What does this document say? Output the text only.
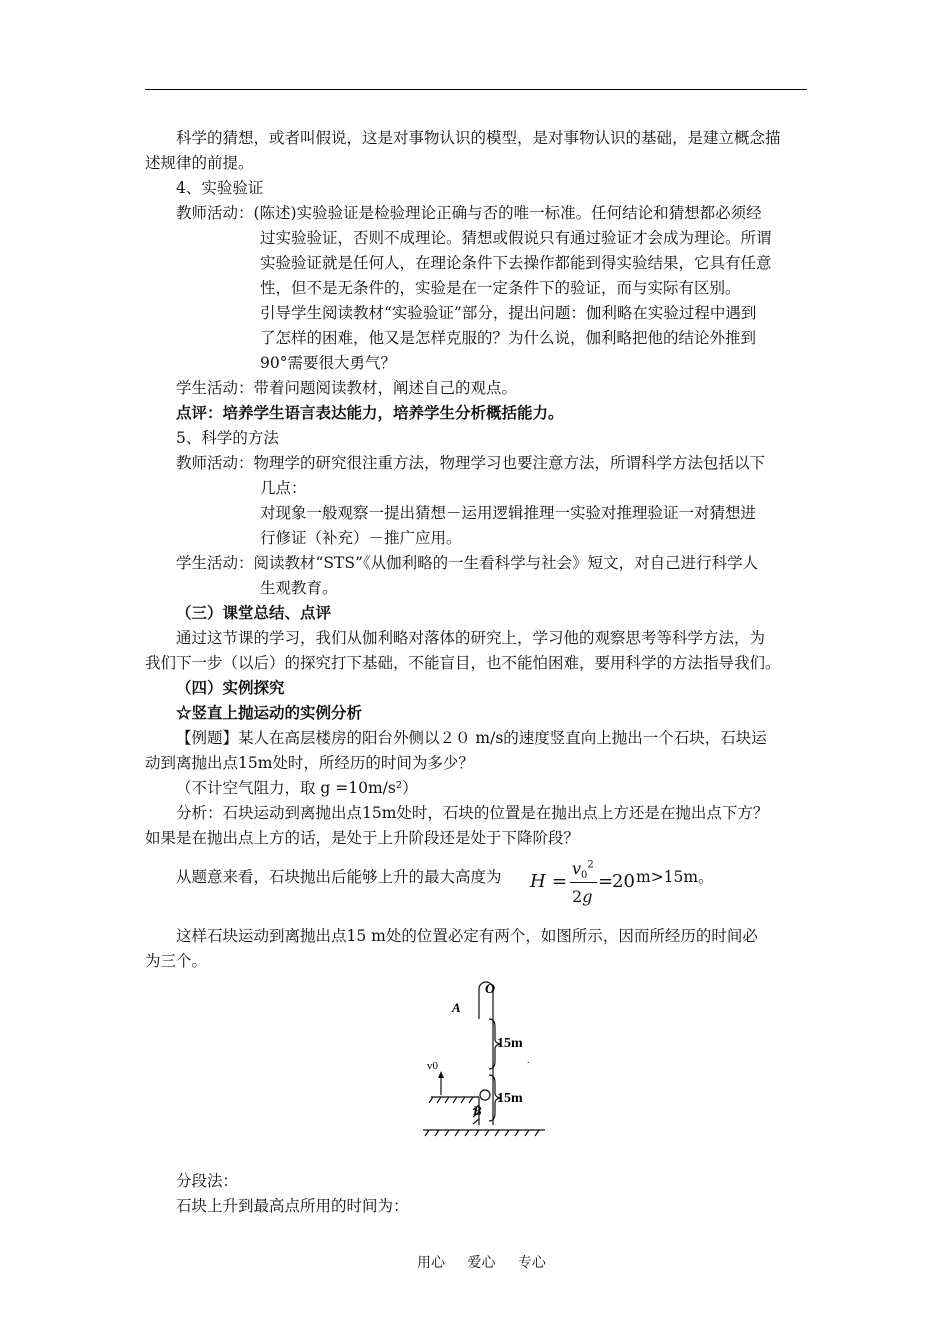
科学的猜想，或者叫假说，这是对事物认识的模型，是对事物认识的基础，是建立概念描
述规律的前提。
4、实验验证
教师活动：(陈述)实验验证是检验理论正确与否的唯一标准。任何结论和猜想都必须经
过实验验证，否则不成理论。猜想或假说只有通过验证才会成为理论。所谓
实验验证就是任何人，在理论条件下去操作都能到得实验结果，它具有任意
性，但不是无条件的，实验是在一定条件下的验证，而与实际有区别。
引导学生阅读教材“实验验证”部分，提出问题：伽利略在实验过程中遇到
了怎样的困难，他又是怎样克服的？为什么说，伽利略把他的结论外推到
90°需要很大勇气？
学生活动：带着问题阅读教材，阐述自己的观点。
点评：培养学生语言表达能力，培养学生分析概括能力。
5、科学的方法
教师活动：物理学的研究很注重方法，物理学习也要注意方法，所谓科学方法包括以下
几点：
对现象一般观察一提出猜想－运用逻辑推理一实验对推理验证一对猜想进
行修证（补充）－推广应用。
学生活动：阅读教材“STS”《从伽利略的一生看科学与社会》短文，对自己进行科学人
生观教育。
（三）课堂总结、点评
通过这节课的学习，我们从伽利略对落体的研究上，学习他的观察思考等科学方法，为
我们下一步（以后）的探究打下基础，不能盲目，也不能怕困难，要用科学的方法指导我们。
（四）实例探究
☆竖直上抛运动的实例分析
【例题】某人在高层楼房的阳台外侧以２０ m/s的速度竖直向上抛出一个石块，石块运
动到离抛出点15m处时，所经历的时间为多少？
（不计空气阻力，取 g =10m/s²）
分析：石块运动到离抛出点15m处时，石块的位置是在抛出点上方还是在抛出点下方？
如果是在抛出点上方的话，是处于上升阶段还是处于下降阶段？
从题意来看，石块抛出后能够上升的最大高度为 H =
$v_0^2$
2g
=
20 m>15m。
这样石块运动到离抛出点15 m处的位置必定有两个，如图所示，因而所经历的时间必
为三个。
O
A
B
v0
15m
15m
.
分段法：
石块上升到最高点所用的时间为：
用心 爱心 专心
